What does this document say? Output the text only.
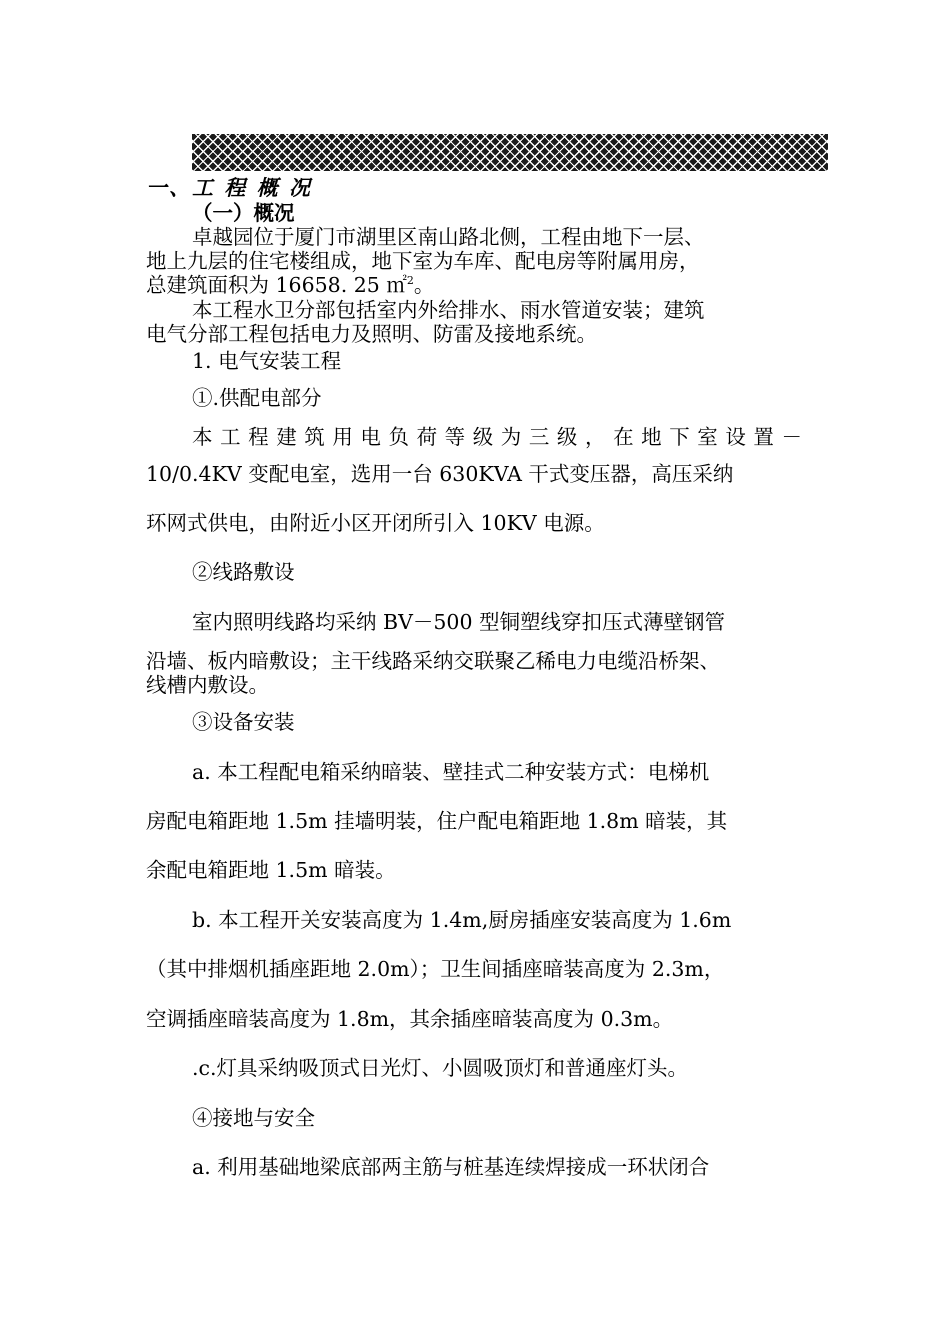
一、工 程 概 况
（一）概况
卓越园位于厦门市湖里区南山路北侧，工程由地下一层、
地上九层的住宅楼组成，地下室为车库、配电房等附属用房，
总建筑面积为 16658. 25 ㎡$^2$。
本工程水卫分部包括室内外给排水、雨水管道安装；建筑
电气分部工程包括电力及照明、防雷及接地系统。
1. 电气安装工程
①.供配电部分
本 工 程 建 筑 用 电 负 荷 等 级 为 三 级 ， 在 地 下 室 设 置 －
10/0.4KV 变配电室，选用一台 630KVA 干式变压器，高压采纳
环网式供电，由附近小区开闭所引入 10KV 电源。
②线路敷设
室内照明线路均采纳 BV－500 型铜塑线穿扣压式薄壁钢管
沿墙、板内暗敷设；主干线路采纳交联聚乙稀电力电缆沿桥架、
线槽内敷设。
③设备安装
a. 本工程配电箱采纳暗装、壁挂式二种安装方式：电梯机
房配电箱距地 1.5m 挂墙明装，住户配电箱距地 1.8m 暗装，其
余配电箱距地 1.5m 暗装。
b. 本工程开关安装高度为 1.4m,厨房插座安装高度为 1.6m
（其中排烟机插座距地 2.0m）；卫生间插座暗装高度为 2.3m，
空调插座暗装高度为 1.8m，其余插座暗装高度为 0.3m。
.c.灯具采纳吸顶式日光灯、小圆吸顶灯和普通座灯头。
④接地与安全
a. 利用基础地梁底部两主筋与桩基连续焊接成一环状闭合
